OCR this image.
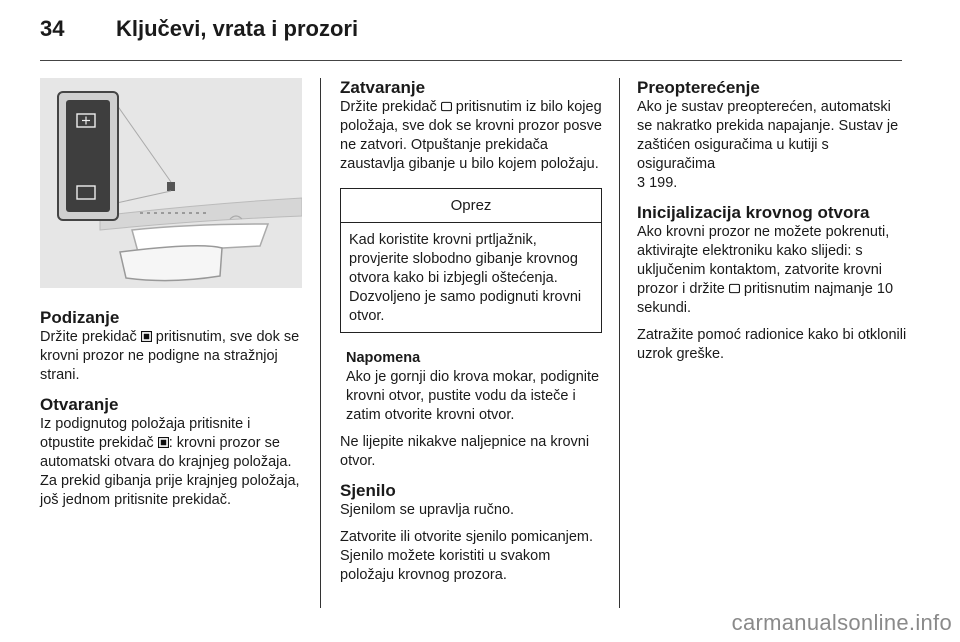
34 Ključevi, vrata i prozori
Podizanje

Držite prekidač  pritisnutim, sve dok se krovni prozor ne podigne na stražnjoj strani.

Otvaranje

Iz podignutog položaja pritisnite i otpustite prekidač : krovni prozor se automatski otvara do krajnjeg položaja. Za prekid gibanja prije krajnjeg položaja, još jednom pritisnite prekidač.

Zatvaranje

Držite prekidač  pritisnutim iz bilo kojeg položaja, sve dok se krovni prozor posve ne zatvori. Otpuštanje prekidača zaustavlja gibanje u bilo kojem položaju.

Oprez

Kad koristite krovni prtljažnik, provjerite slobodno gibanje krovnog otvora kako bi izbjegli oštećenja. Dozvoljeno je samo podignuti krovni otvor.

Napomena

Ako je gornji dio krova mokar, podignite krovni otvor, pustite vodu da isteče i zatim otvorite krovni otvor.

Ne lijepite nikakve naljepnice na krovni otvor.

Sjenilo

Sjenilom se upravlja ručno.

Zatvorite ili otvorite sjenilo pomicanjem. Sjenilo možete koristiti u svakom položaju krovnog prozora.

Preopterećenje

Ako je sustav preopterećen, automatski se nakratko prekida napajanje. Sustav je zaštićen osiguračima u kutiji s osiguračima
3 199.

Inicijalizacija krovnog otvora

Ako krovni prozor ne možete pokrenuti, aktivirajte elektroniku kako slijedi: s uključenim kontaktom, zatvorite krovni prozor i držite  pritisnutim najmanje 10 sekundi.

Zatražite pomoć radionice kako bi otklonili uzrok greške.

carmanualsonline.info
